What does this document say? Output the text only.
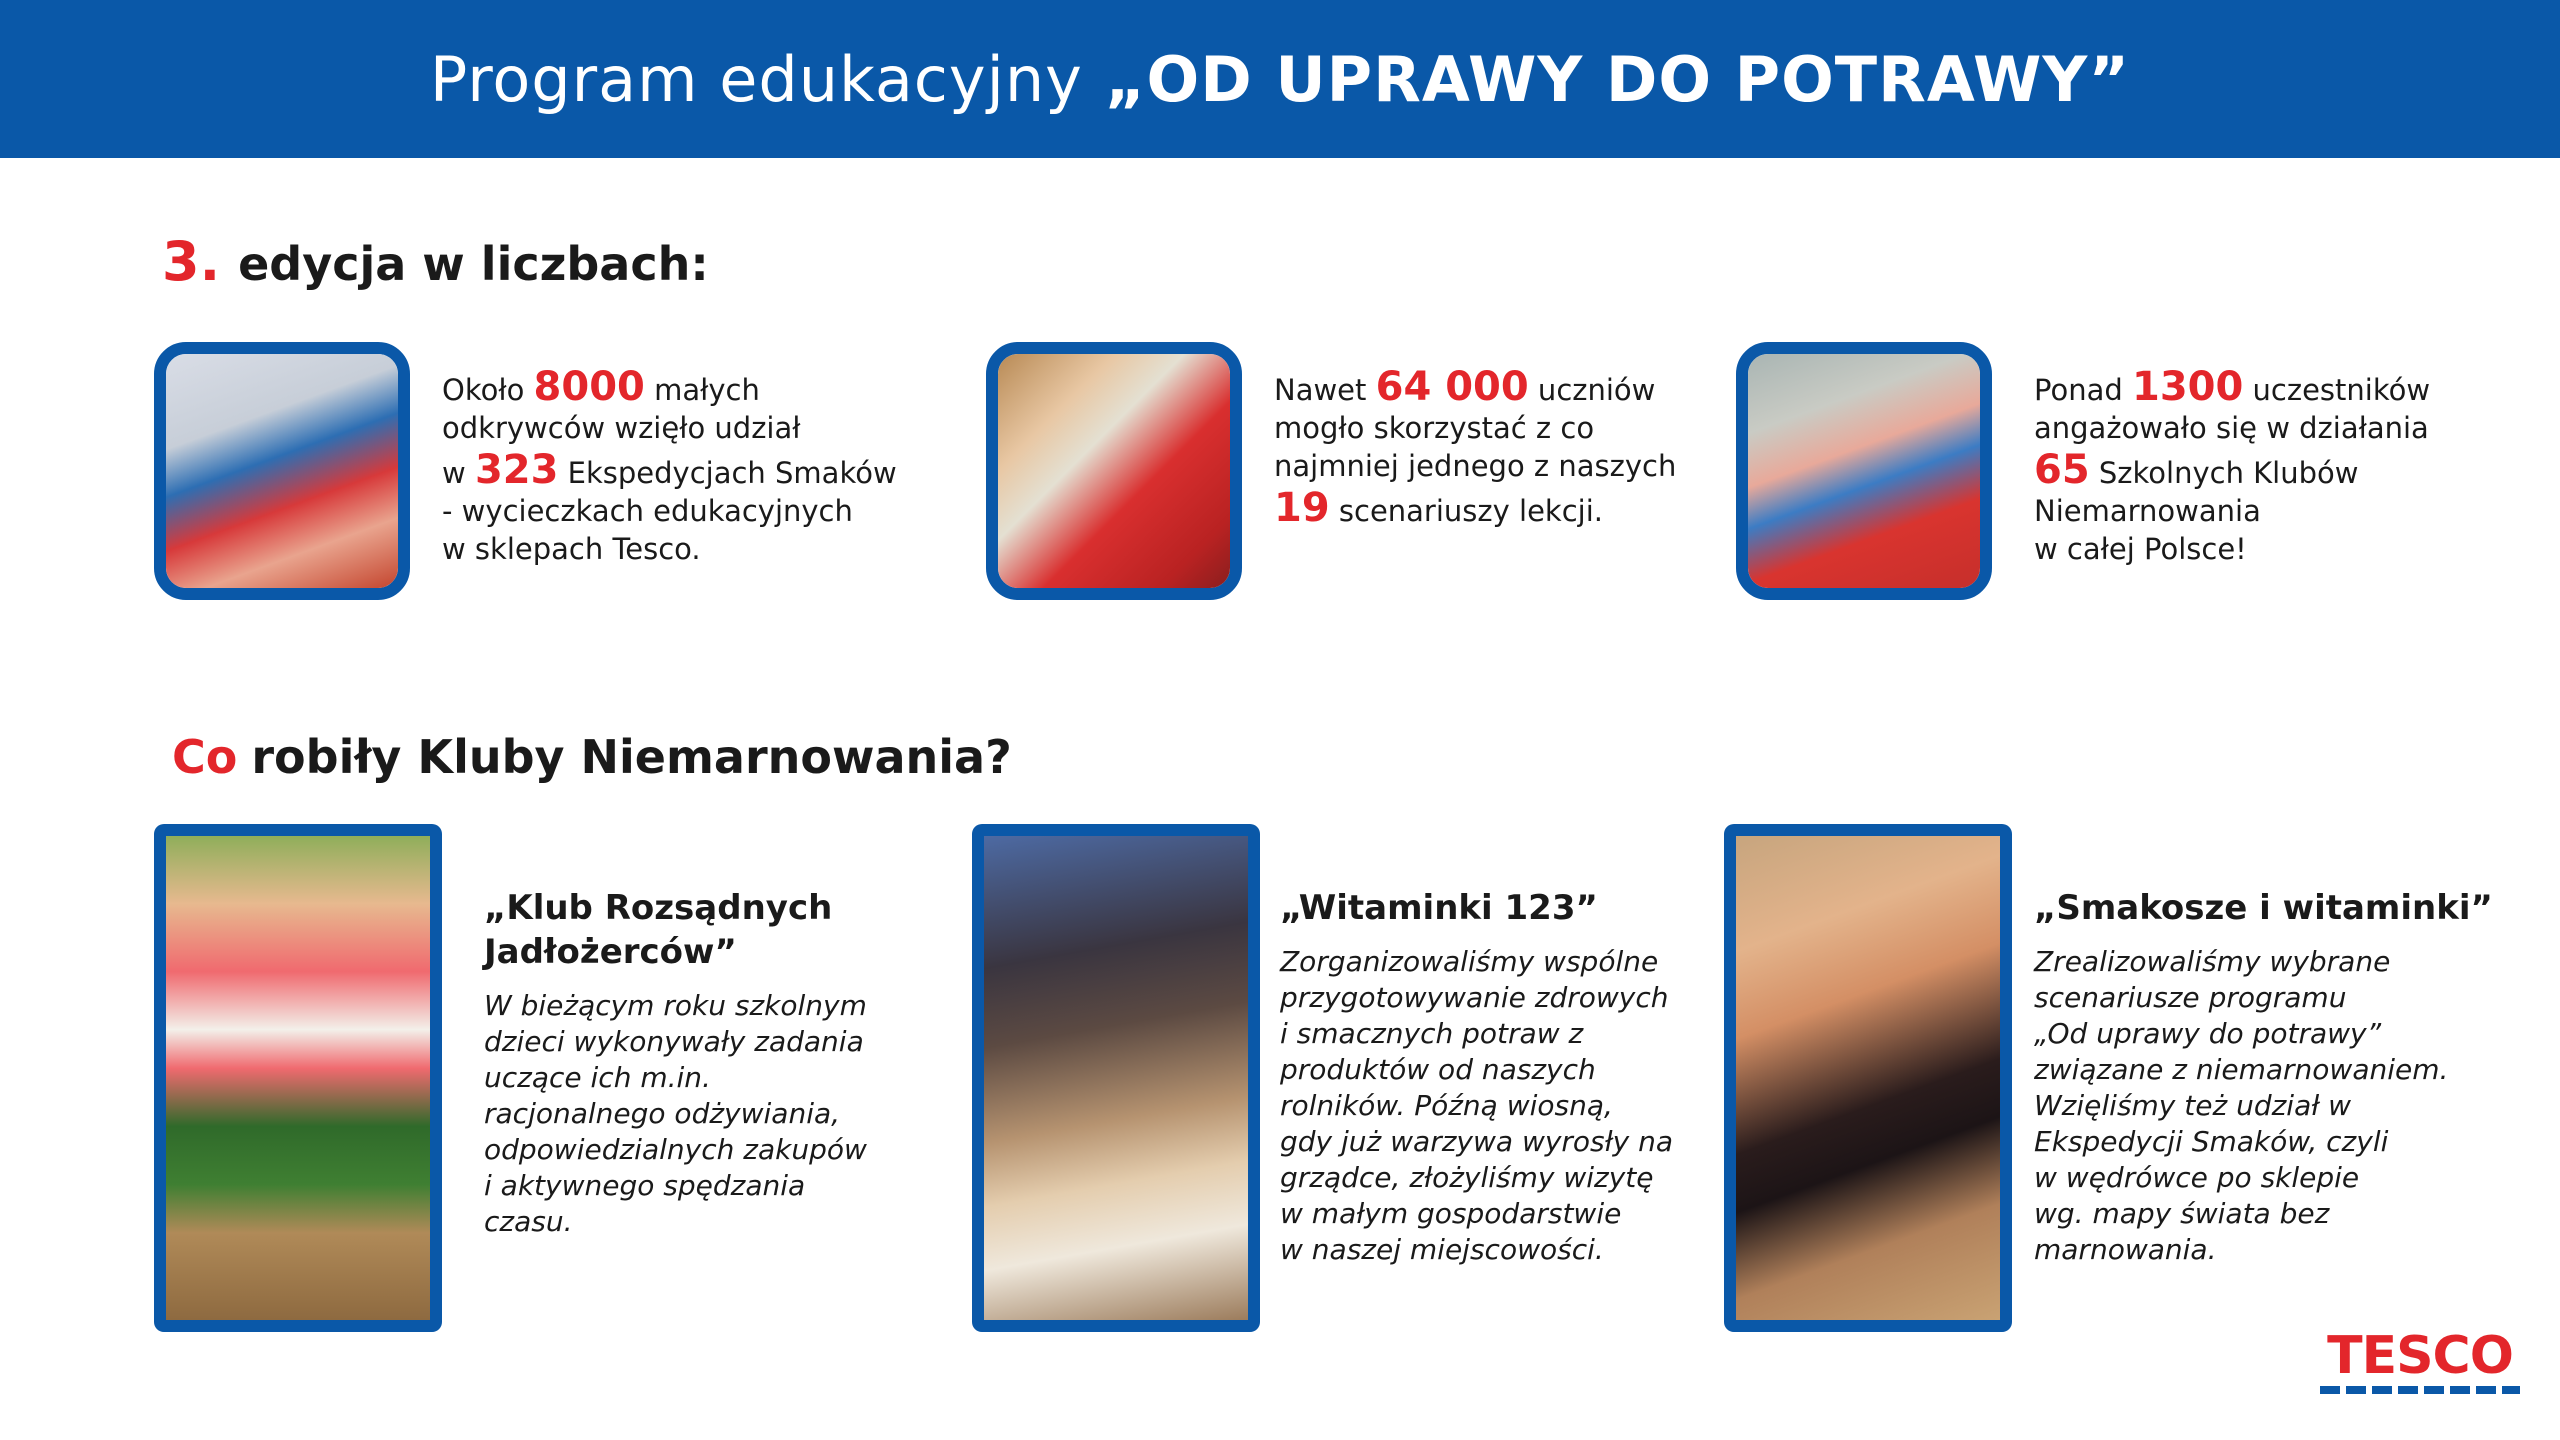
Program edukacyjny „OD UPRAWY DO POTRAWY”
3. edycja w liczbach:
Około 8000 małych
odkrywców wzięło udział
w 323 Ekspedycjach Smaków
- wycieczkach edukacyjnych
w sklepach Tesco.
Nawet 64 000 uczniów
mogło skorzystać z co
najmniej jednego z naszych
19 scenariuszy lekcji.
Ponad 1300 uczestników
angażowało się w działania
65 Szkolnych Klubów
Niemarnowania
w całej Polsce!
Co robiły Kluby Niemarnowania?
„Klub Rozsądnych
Jadłożerców”
W bieżącym roku szkolnym
dzieci wykonywały zadania
uczące ich m.in.
racjonalnego odżywiania,
odpowiedzialnych zakupów
i aktywnego spędzania
czasu.
„Witaminki 123”
Zorganizowaliśmy wspólne
przygotowywanie zdrowych
i smacznych potraw z
produktów od naszych
rolników. Późną wiosną,
gdy już warzywa wyrosły na
grządce, złożyliśmy wizytę
w małym gospodarstwie
w naszej miejscowości.
„Smakosze i witaminki”
Zrealizowaliśmy wybrane
scenariusze programu
„Od uprawy do potrawy”
związane z niemarnowaniem.
Wzięliśmy też udział w
Ekspedycji Smaków, czyli
w wędrówce po sklepie
wg. mapy świata bez
marnowania.
TESCO
